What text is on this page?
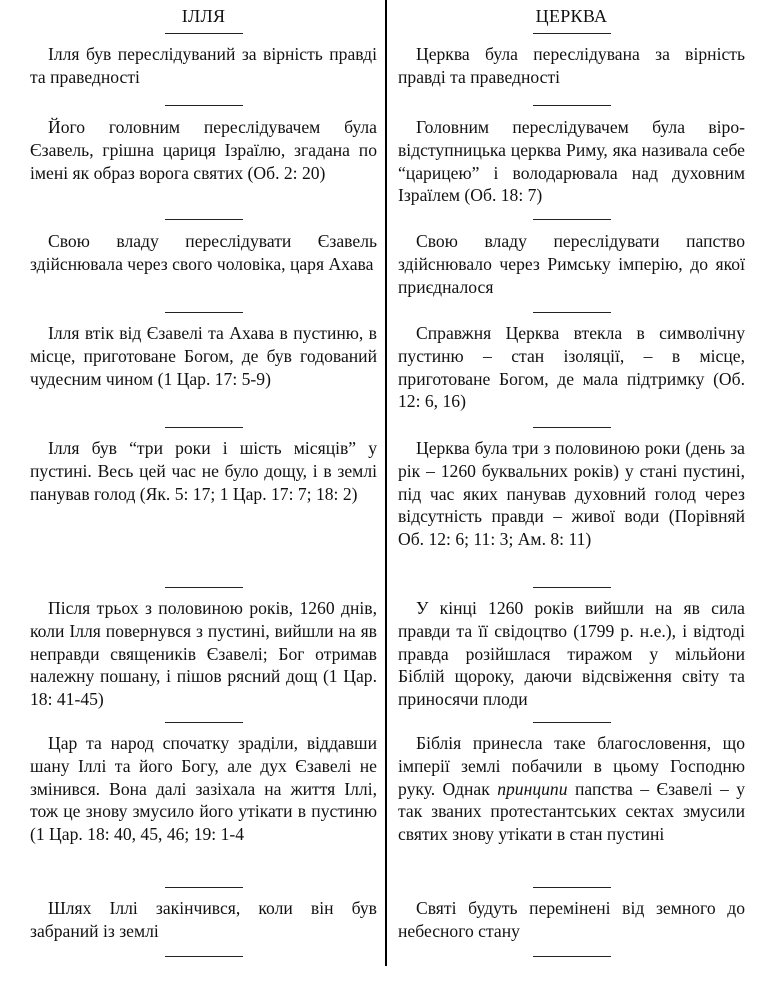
ІЛЛЯ

Ілля був переслідуваний за вірність правді та праведності

Його головним переслідувачем була Єзавель, грішна цариця Ізраїлю, згадана по імені як образ ворога святих (Об. 2: 20)

Свою владу переслідувати Єзавель здійснювала через свого чоловіка, царя Ахава

Ілля втік від Єзавелі та Ахава в пустиню, в місце, приготоване Богом, де був годований чудесним чином (1 Цар. 17: 5-9)

Ілля був “три роки і шість місяців” у пустині. Весь цей час не було дощу, і в землі панував голод (Як. 5: 17; 1 Цар. 17: 7; 18: 2)

Після трьох з половиною років, 1260 днів, коли Ілля повернувся з пустині, вийшли на яв неправди священиків Єзавелі; Бог отримав належну пошану, і пішов рясний дощ (1 Цар. 18: 41-45)

Цар та народ спочатку зраділи, віддавши шану Іллі та його Богу, але дух Єзавелі не змінився. Вона далі зазіхала на життя Іллі, тож це знову змусило його утікати в пустиню (1 Цар. 18: 40, 45, 46; 19: 1-4

Шлях Іллі закінчився, коли він був забраний із землі

ЦЕРКВА

Церква була переслідувана за вірність правді та праведності

Головним переслідувачем була віро-відступницька церква Риму, яка називала себе “царицею” і володарювала над духовним Ізраїлем (Об. 18: 7)

Свою владу переслідувати папство здійснювало через Римську імперію, до якої приєдналося

Справжня Церква втекла в символічну пустиню – стан ізоляції, – в місце, приготоване Богом, де мала підтримку (Об. 12: 6, 16)

Церква була три з половиною роки (день за рік – 1260 буквальних років) у стані пустині, під час яких панував духовний голод через відсутність правди – живої води (Порівняй Об. 12: 6; 11: 3; Ам. 8: 11)

У кінці 1260 років вийшли на яв сила правди та її свідоцтво (1799 р. н.е.), і відтоді правда розійшлася тиражом у мільйони Біблій щороку, даючи відсвіження світу та приносячи плоди

Біблія принесла таке благословення, що імперії землі побачили в цьому Господню руку. Однак принципи папства – Єзавелі – у так званих протестантських сектах змусили святих знову утікати в стан пустині

Святі будуть перемінені від земного до небесного стану
